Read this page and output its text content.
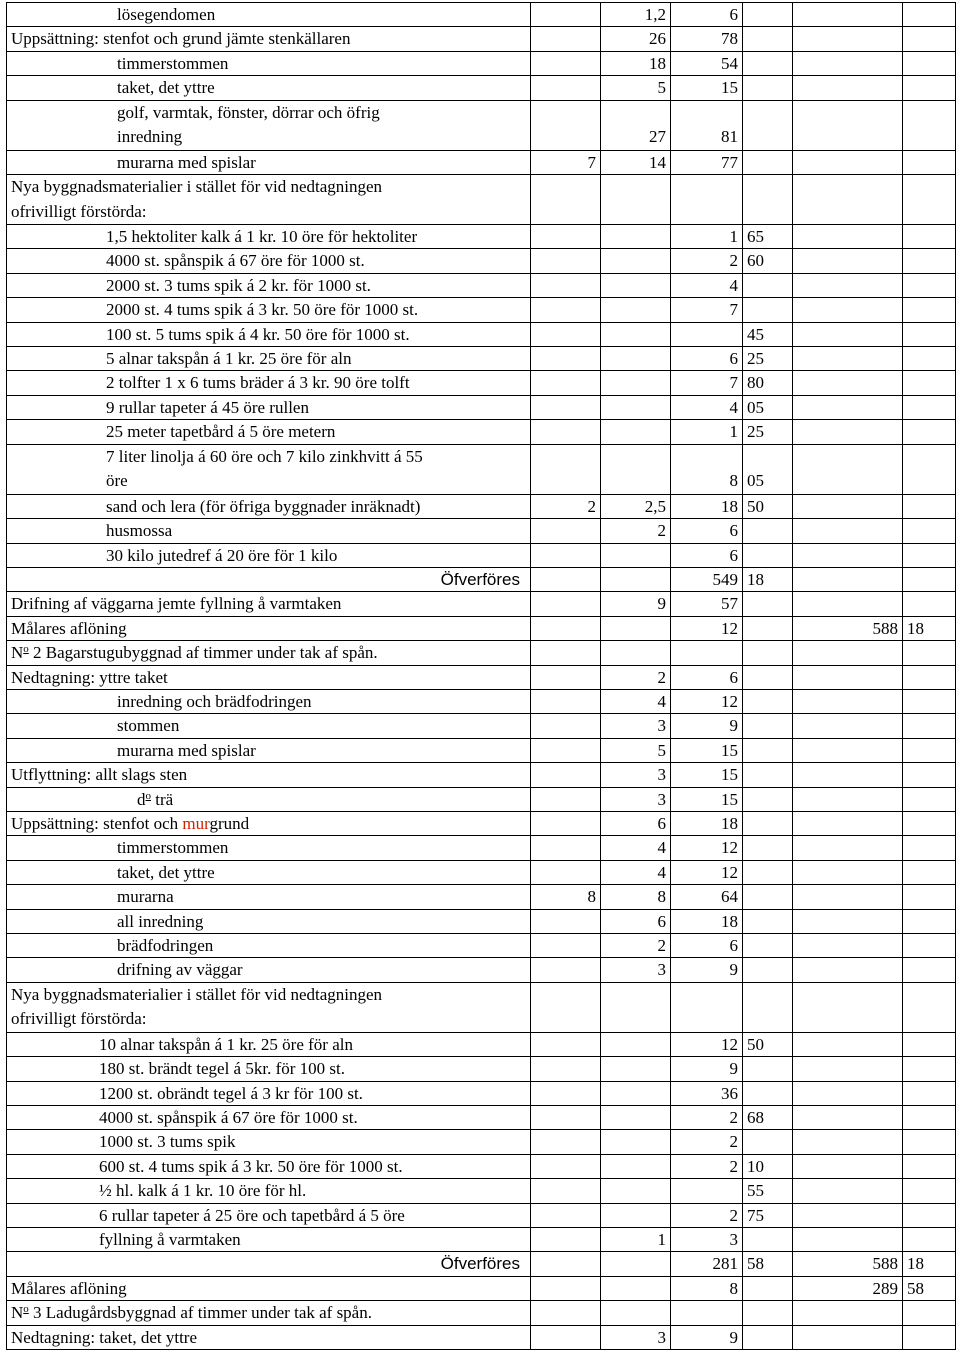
lösegendomen		1,2	6			
Uppsättning: stenfot och grund jämte stenkällaren		26	78			
timmerstommen		18	54			
taket, det yttre		5	15			
golf, varmtak, fönster, dörrar och öfrig
inredning		27	81			
murarna med spislar	7	14	77			
Nya byggnadsmaterialier i stället för vid nedtagningen
ofrivilligt förstörda:						
1,5 hektoliter kalk á 1 kr. 10 öre för hektoliter			1	65		
4000 st. spånspik á 67 öre för 1000 st.			2	60		
2000 st. 3 tums spik á 2 kr. för 1000 st.			4			
2000 st. 4 tums spik á 3 kr. 50 öre för 1000 st.			7			
100 st. 5 tums spik á 4 kr. 50 öre för 1000 st.				45		
5 alnar takspån á 1 kr. 25 öre för aln			6	25		
2 tolfter 1 x 6 tums bräder á 3 kr. 90 öre tolft			7	80		
9 rullar tapeter á 45 öre rullen			4	05		
25 meter tapetbård á 5 öre metern			1	25		
7 liter linolja á 60 öre och 7 kilo zinkhvitt á 55
öre			8	05		
sand och lera (för öfriga byggnader inräknadt)	2	2,5	18	50		
husmossa		2	6			
30 kilo jutedref á 20 öre för 1 kilo			6			
Öfverföres			549	18		
Drifning af väggarna jemte fyllning å varmtaken		9	57			
Målares aflöning			12		588	18
$N^o$ 2 Bagarstugubyggnad af timmer under tak af spån.						
Nedtagning: yttre taket		2	6			
inredning och brädfodringen		4	12			
stommen		3	9			
murarna med spislar		5	15			
Utflyttning: allt slags sten		3	15			
$d^o$ trä		3	15			
Uppsättning: stenfot och murgrund		6	18			
timmerstommen		4	12			
taket, det yttre		4	12			
murarna	8	8	64			
all inredning		6	18			
brädfodringen		2	6			
drifning av väggar		3	9			
Nya byggnadsmaterialier i stället för vid nedtagningen
ofrivilligt förstörda:						
10 alnar takspån á 1 kr. 25 öre för aln			12	50		
180 st. brändt tegel á 5kr. för 100 st.			9			
1200 st. obrändt tegel á 3 kr för 100 st.			36			
4000 st. spånspik á 67 öre för 1000 st.			2	68		
1000 st. 3 tums spik			2			
600 st. 4 tums spik á 3 kr. 50 öre för 1000 st.			2	10		
½ hl. kalk á 1 kr. 10 öre för hl.				55		
6 rullar tapeter á 25 öre och tapetbård á 5 öre			2	75		
fyllning å varmtaken		1	3			
Öfverföres			281	58	588	18
Målares aflöning			8		289	58
$N^o$ 3 Ladugårdsbyggnad af timmer under tak af spån.						
Nedtagning: taket, det yttre		3	9			
